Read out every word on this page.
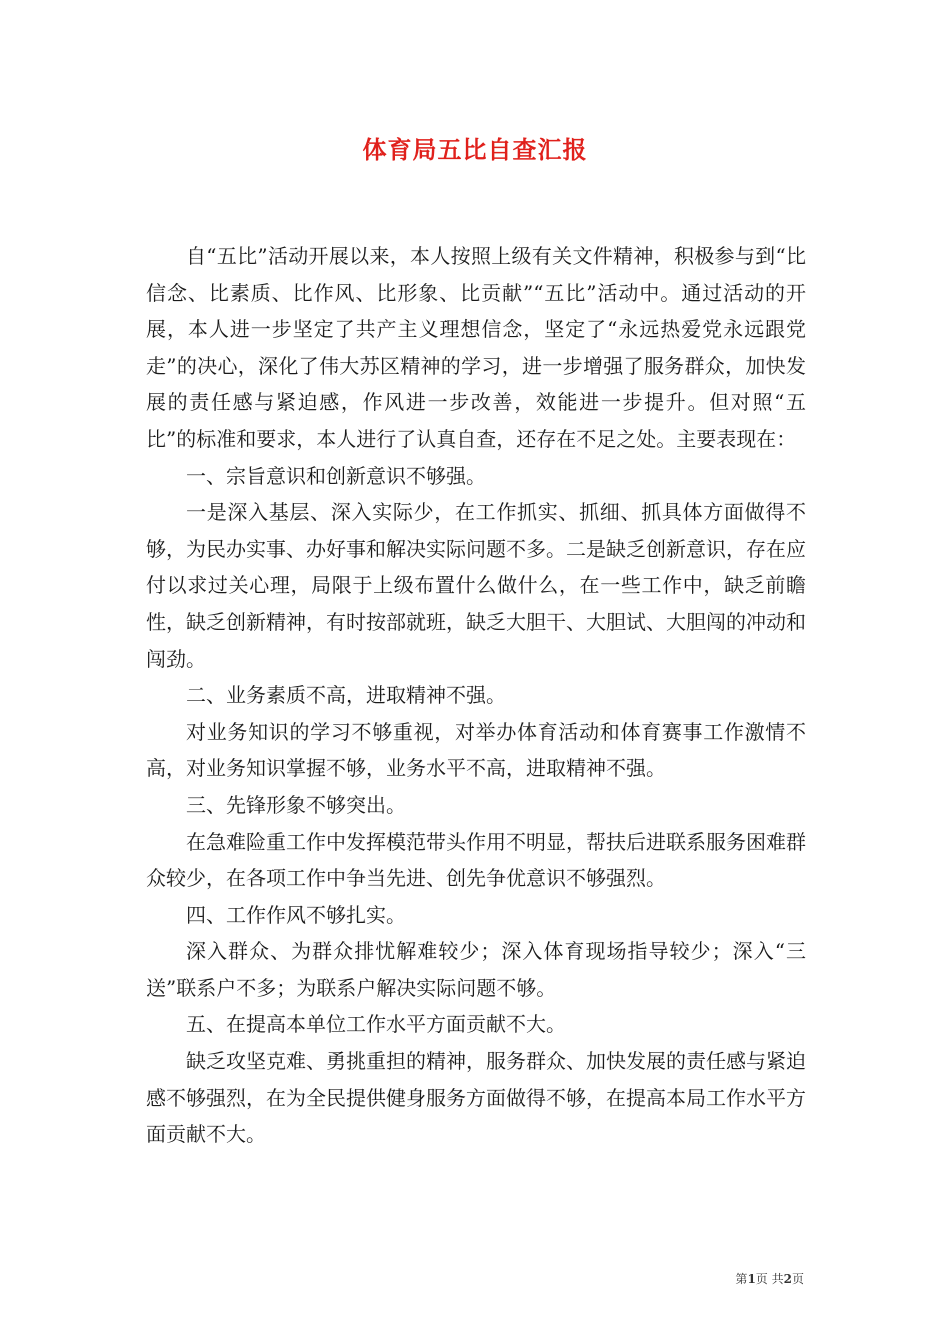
体育局五比自查汇报

自“五比”活动开展以来，本人按照上级有关文件精神，积极参与到“比信念、比素质、比作风、比形象、比贡献”“五比”活动中。通过活动的开展，本人进一步坚定了共产主义理想信念，坚定了“永远热爱党永远跟党走”的决心，深化了伟大苏区精神的学习，进一步增强了服务群众，加快发展的责任感与紧迫感，作风进一步改善，效能进一步提升。但对照“五比”的标准和要求，本人进行了认真自查，还存在不足之处。主要表现在：

一、宗旨意识和创新意识不够强。

一是深入基层、深入实际少，在工作抓实、抓细、抓具体方面做得不够，为民办实事、办好事和解决实际问题不多。二是缺乏创新意识，存在应付以求过关心理，局限于上级布置什么做什么，在一些工作中，缺乏前瞻性，缺乏创新精神，有时按部就班，缺乏大胆干、大胆试、大胆闯的冲动和闯劲。

二、业务素质不高，进取精神不强。

对业务知识的学习不够重视，对举办体育活动和体育赛事工作激情不高，对业务知识掌握不够，业务水平不高，进取精神不强。

三、先锋形象不够突出。

在急难险重工作中发挥模范带头作用不明显，帮扶后进联系服务困难群众较少，在各项工作中争当先进、创先争优意识不够强烈。

四、工作作风不够扎实。

深入群众、为群众排忧解难较少；深入体育现场指导较少；深入“三送”联系户不多；为联系户解决实际问题不够。

五、在提高本单位工作水平方面贡献不大。

缺乏攻坚克难、勇挑重担的精神，服务群众、加快发展的责任感与紧迫感不够强烈，在为全民提供健身服务方面做得不够，在提高本局工作水平方面贡献不大。

第1页 共2页
